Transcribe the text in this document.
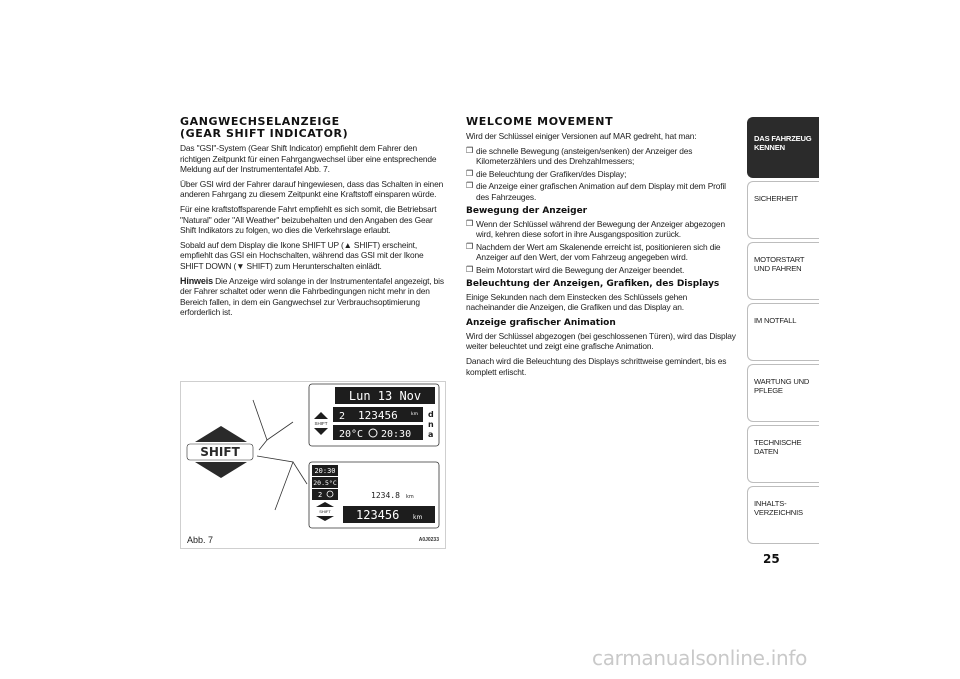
GANGWECHSELANZEIGE
(GEAR SHIFT INDICATOR)

Das "GSI"-System (Gear Shift Indicator) empfiehlt dem Fahrer den richtigen Zeitpunkt für einen Fahrgangwechsel über eine entsprechende Meldung auf der Instrumententafel Abb. 7.

Über GSI wird der Fahrer darauf hingewiesen, dass das Schalten in einen anderen Fahrgang zu diesem Zeitpunkt eine Kraftstoff einsparen würde.

Für eine kraftstoffsparende Fahrt empfiehlt es sich somit, die Betriebsart "Natural" oder "All Weather" beizubehalten und den Angaben des Gear Shift Indikators zu folgen, wo dies die Verkehrslage erlaubt.

Sobald auf dem Display die Ikone SHIFT UP (▲ SHIFT) erscheint, empfiehlt das GSI ein Hochschalten, während das GSI mit der Ikone SHIFT DOWN (▼ SHIFT) zum Herunterschalten einlädt.

Hinweis Die Anzeige wird solange in der Instrumententafel angezeigt, bis der Fahrer schaltet oder wenn die Fahrbedingungen nicht mehr in den Bereich fallen, in dem ein Gangwechsel zur Verbrauchsoptimierung erforderlich ist.

SHIFT
Lun 13 Nov
SHIFT
2 123456	km
20°C 20:30
d
n
a
20:30
20.5°C
2
SHIFT
1234.8 km
123456 km
Abb. 7	A0J0233
WELCOME MOVEMENT

Wird der Schlüssel einiger Versionen auf MAR gedreht, hat man:

❒ die schnelle Bewegung (ansteigen/senken) der Anzeiger des Kilometerzählers und des Drehzahlmessers;
❒ die Beleuchtung der Grafiken/des Display;
❒ die Anzeige einer grafischen Animation auf dem Display mit dem Profil des Fahrzeuges.
Bewegung der Anzeiger
❒ Wenn der Schlüssel während der Bewegung der Anzeiger abgezogen wird, kehren diese sofort in ihre Ausgangsposition zurück.
❒ Nachdem der Wert am Skalenende erreicht ist, positionieren sich die Anzeiger auf den Wert, der vom Fahrzeug angegeben wird.
❒ Beim Motorstart wird die Bewegung der Anzeiger beendet.
Beleuchtung der Anzeigen, Grafiken, des Displays

Einige Sekunden nach dem Einstecken des Schlüssels gehen nacheinander die Anzeigen, die Grafiken und das Display an.

Anzeige grafischer Animation

Wird der Schlüssel abgezogen (bei geschlossenen Türen), wird das Display weiter beleuchtet und zeigt eine grafische Animation.

Danach wird die Beleuchtung des Displays schrittweise gemindert, bis es komplett erlischt.

DAS FAHRZEUG KENNEN
SICHERHEIT
MOTORSTART UND FAHREN
IM NOTFALL
WARTUNG UND PFLEGE
TECHNISCHE DATEN
INHALTS-VERZEICHNIS
25
carmanualsonline.info
